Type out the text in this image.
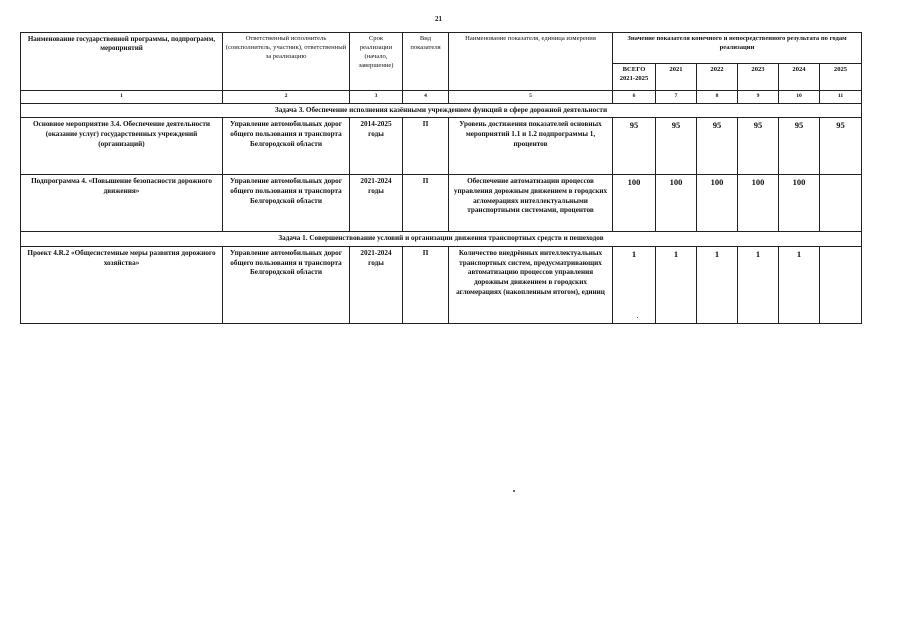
21
Наименование государственной программы, подпрограмм, мероприятий	Ответственный исполнитель (соисполнитель, участник), ответственный за реализацию	Срок реализации (начало, завершение)	Вид показателя	Наименование показателя, единица измерения	Значение показателя конечного и непосредственного результата по годам реализации					
					ВСЕГО 2021-2025	2021	2022	2023	2024	2025
1	2	3	4	5	6	7	8	9	10	11
Задача 3. Обеспечение исполнения казёнными учреждением функций в сфере дорожной деятельности										
Основное мероприятие 3.4. Обеспечение деятельности (оказание услуг) государственных учреждений (организаций)	Управление автомобильных дорог общего пользования и транспорта Белгородской области	2014-2025 годы	П	Уровень достижения показателей основных мероприятий 1.1 и 1.2 подпрограммы 1, процентов	95	95	95	95	95	95
Подпрограмма 4. «Повышение безопасности дорожного движения»	Управление автомобильных дорог общего пользования и транспорта Белгородской области	2021-2024 годы	П	Обеспечение автоматизации процессов управления дорожным движением в городских агломерациях интеллектуальными транспортными системами, процентов	100	100	100	100	100	
Задача 1. Совершенствование условий и организации движения транспортных средств и пешеходов										
Проект 4.R.2 «Общесистемные меры развития дорожного хозяйства»	Управление автомобильных дорог общего пользования и транспорта Белгородской области	2021-2024 годы	П	Количество внедрённых интеллектуальных транспортных систем, предусматривающих автоматизацию процессов управления дорожным движением в городских агломерациях (накопленным итогом), единиц	1	1	1	1	1	
